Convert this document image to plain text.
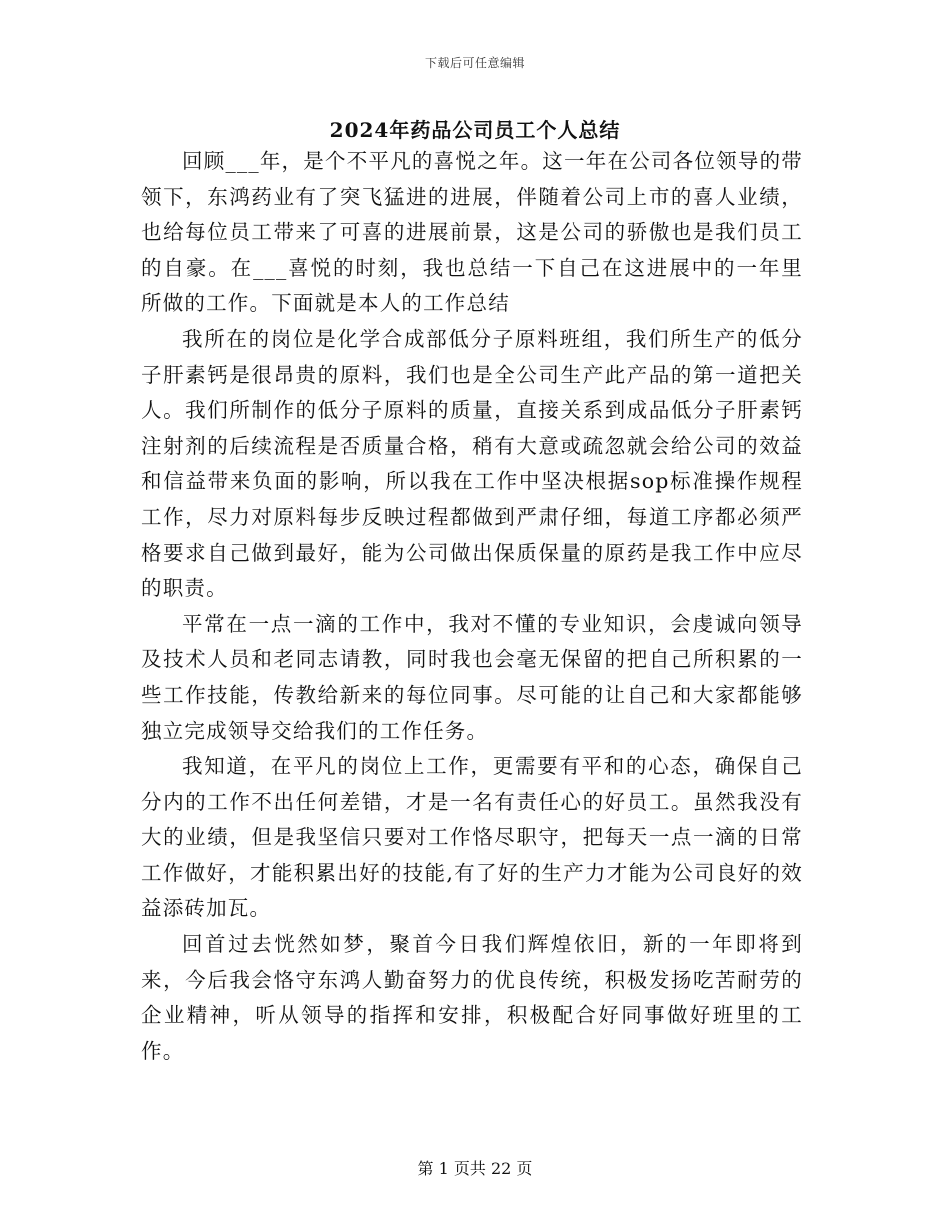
下载后可任意编辑
2024年药品公司员工个人总结

回顾___年，是个不平凡的喜悦之年。这一年在公司各位领导的带领下，东鸿药业有了突飞猛进的进展，伴随着公司上市的喜人业绩，也给每位员工带来了可喜的进展前景，这是公司的骄傲也是我们员工的自豪。在___喜悦的时刻，我也总结一下自己在这进展中的一年里所做的工作。下面就是本人的工作总结

我所在的岗位是化学合成部低分子原料班组，我们所生产的低分子肝素钙是很昂贵的原料，我们也是全公司生产此产品的第一道把关人。我们所制作的低分子原料的质量，直接关系到成品低分子肝素钙注射剂的后续流程是否质量合格，稍有大意或疏忽就会给公司的效益和信益带来负面的影响，所以我在工作中坚决根据sop标准操作规程工作，尽力对原料每步反映过程都做到严肃仔细，每道工序都必须严格要求自己做到最好，能为公司做出保质保量的原药是我工作中应尽的职责。

平常在一点一滴的工作中，我对不懂的专业知识，会虔诚向领导及技术人员和老同志请教，同时我也会毫无保留的把自己所积累的一些工作技能，传教给新来的每位同事。尽可能的让自己和大家都能够独立完成领导交给我们的工作任务。

我知道，在平凡的岗位上工作，更需要有平和的心态，确保自己分内的工作不出任何差错，才是一名有责任心的好员工。虽然我没有大的业绩，但是我坚信只要对工作恪尽职守，把每天一点一滴的日常工作做好，才能积累出好的技能,有了好的生产力才能为公司良好的效益添砖加瓦。

回首过去恍然如梦，聚首今日我们辉煌依旧，新的一年即将到来，今后我会恪守东鸿人勤奋努力的优良传统，积极发扬吃苦耐劳的企业精神，听从领导的指挥和安排，积极配合好同事做好班里的工作。

第 1 页共 22 页
